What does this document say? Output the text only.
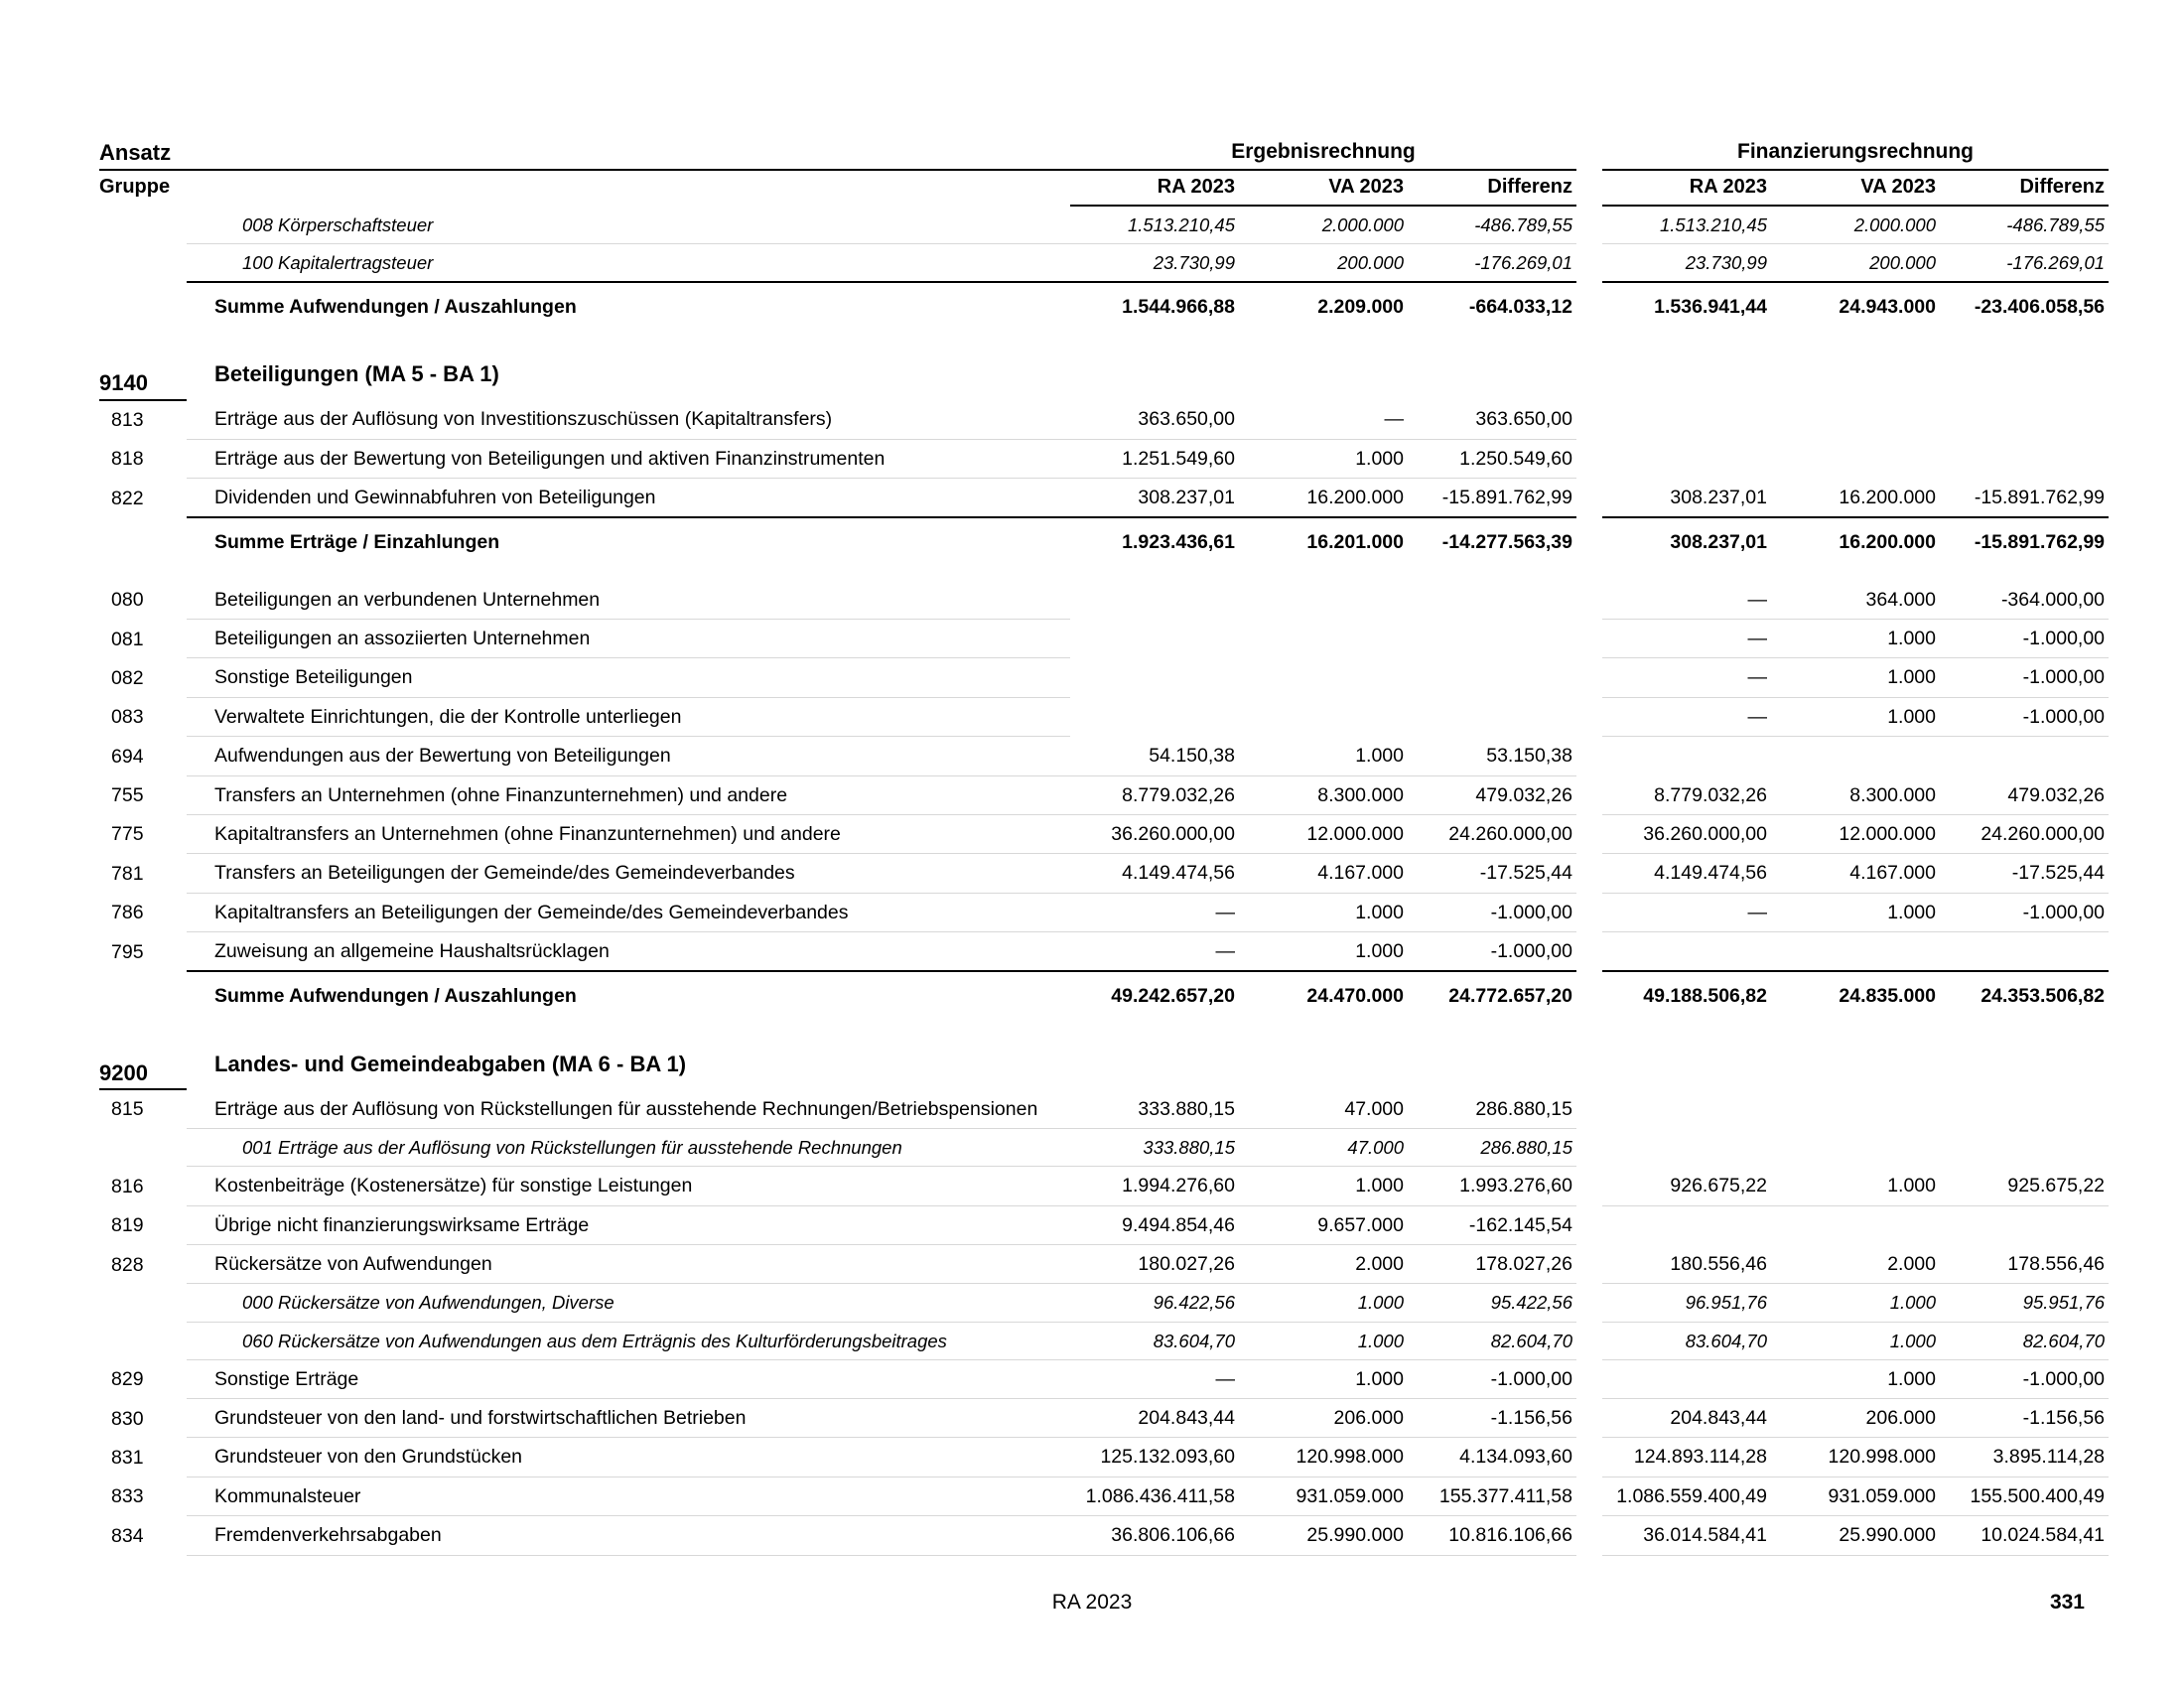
Ansatz		Ergebnisrechnung				Finanzierungsrechnung		
Gruppe		RA 2023	VA 2023	Differenz		RA 2023	VA 2023	Differenz
	008 Körperschaftsteuer	1.513.210,45	2.000.000	-486.789,55		1.513.210,45	2.000.000	-486.789,55
	100 Kapitalertragsteuer	23.730,99	200.000	-176.269,01		23.730,99	200.000	-176.269,01
	Summe Aufwendungen / Auszahlungen	1.544.966,88	2.209.000	-664.033,12		1.536.941,44	24.943.000	-23.406.058,56

9140	Beteiligungen (MA 5 - BA 1)							
813	Erträge aus der Auflösung von Investitionszuschüssen (Kapitaltransfers)	363.650,00	—	363.650,00				
818	Erträge aus der Bewertung von Beteiligungen und aktiven Finanzinstrumenten	1.251.549,60	1.000	1.250.549,60				
822	Dividenden und Gewinnabfuhren von Beteiligungen	308.237,01	16.200.000	-15.891.762,99		308.237,01	16.200.000	-15.891.762,99
	Summe Erträge / Einzahlungen	1.923.436,61	16.201.000	-14.277.563,39		308.237,01	16.200.000	-15.891.762,99

080	Beteiligungen an verbundenen Unternehmen					—	364.000	-364.000,00
081	Beteiligungen an assoziierten Unternehmen					—	1.000	-1.000,00
082	Sonstige Beteiligungen					—	1.000	-1.000,00
083	Verwaltete Einrichtungen, die der Kontrolle unterliegen					—	1.000	-1.000,00
694	Aufwendungen aus der Bewertung von Beteiligungen	54.150,38	1.000	53.150,38				
755	Transfers an Unternehmen (ohne Finanzunternehmen) und andere	8.779.032,26	8.300.000	479.032,26		8.779.032,26	8.300.000	479.032,26
775	Kapitaltransfers an Unternehmen (ohne Finanzunternehmen) und andere	36.260.000,00	12.000.000	24.260.000,00		36.260.000,00	12.000.000	24.260.000,00
781	Transfers an Beteiligungen der Gemeinde/des Gemeindeverbandes	4.149.474,56	4.167.000	-17.525,44		4.149.474,56	4.167.000	-17.525,44
786	Kapitaltransfers an Beteiligungen der Gemeinde/des Gemeindeverbandes	—	1.000	-1.000,00		—	1.000	-1.000,00
795	Zuweisung an allgemeine Haushaltsrücklagen	—	1.000	-1.000,00				
	Summe Aufwendungen / Auszahlungen	49.242.657,20	24.470.000	24.772.657,20		49.188.506,82	24.835.000	24.353.506,82

9200	Landes- und Gemeindeabgaben (MA 6 - BA 1)							
815	Erträge aus der Auflösung von Rückstellungen für ausstehende Rechnungen/Betriebspensionen	333.880,15	47.000	286.880,15				
	001 Erträge aus der Auflösung von Rückstellungen für ausstehende Rechnungen	333.880,15	47.000	286.880,15				
816	Kostenbeiträge (Kostenersätze) für sonstige Leistungen	1.994.276,60	1.000	1.993.276,60		926.675,22	1.000	925.675,22
819	Übrige nicht finanzierungswirksame Erträge	9.494.854,46	9.657.000	-162.145,54				
828	Rückersätze von Aufwendungen	180.027,26	2.000	178.027,26		180.556,46	2.000	178.556,46
	000 Rückersätze von Aufwendungen, Diverse	96.422,56	1.000	95.422,56		96.951,76	1.000	95.951,76
	060 Rückersätze von Aufwendungen aus dem Erträgnis des Kulturförderungsbeitrages	83.604,70	1.000	82.604,70		83.604,70	1.000	82.604,70
829	Sonstige Erträge	—	1.000	-1.000,00			1.000	-1.000,00
830	Grundsteuer von den land- und forstwirtschaftlichen Betrieben	204.843,44	206.000	-1.156,56		204.843,44	206.000	-1.156,56
831	Grundsteuer von den Grundstücken	125.132.093,60	120.998.000	4.134.093,60		124.893.114,28	120.998.000	3.895.114,28
833	Kommunalsteuer	1.086.436.411,58	931.059.000	155.377.411,58		1.086.559.400,49	931.059.000	155.500.400,49
834	Fremdenverkehrsabgaben	36.806.106,66	25.990.000	10.816.106,66		36.014.584,41	25.990.000	10.024.584,41
RA 2023	331
